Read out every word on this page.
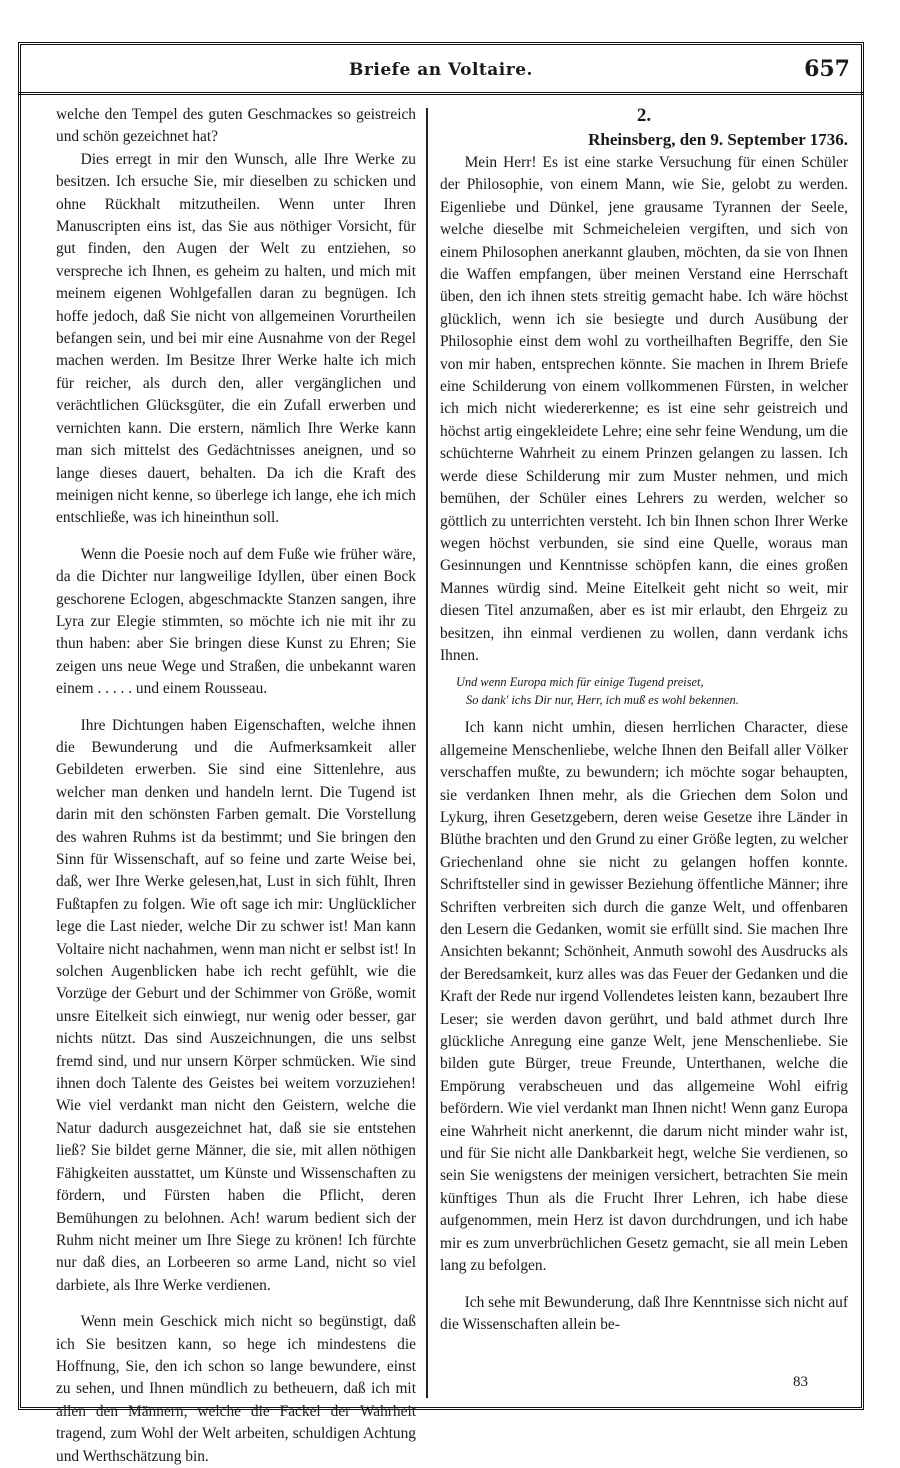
Briefe an Voltaire.	657

welche den Tempel des guten Geschmackes so geistreich und schön gezeichnet hat?

Dies erregt in mir den Wunsch, alle Ihre Werke zu besitzen. Ich ersuche Sie, mir dieselben zu schicken und ohne Rückhalt mitzutheilen. Wenn unter Ihren Manuscripten eins ist, das Sie aus nöthiger Vorsicht, für gut finden, den Augen der Welt zu entziehen, so verspreche ich Ihnen, es geheim zu halten, und mich mit meinem eigenen Wohlgefallen daran zu begnügen. Ich hoffe jedoch, daß Sie nicht von allgemeinen Vorurtheilen befangen sein, und bei mir eine Ausnahme von der Regel machen werden. Im Besitze Ihrer Werke halte ich mich für reicher, als durch den, aller vergänglichen und verächtlichen Glücksgüter, die ein Zufall erwerben und vernichten kann. Die erstern, nämlich Ihre Werke kann man sich mittelst des Gedächtnisses aneignen, und so lange dieses dauert, behalten. Da ich die Kraft des meinigen nicht kenne, so überlege ich lange, ehe ich mich entschließe, was ich hineinthun soll.

Wenn die Poesie noch auf dem Fuße wie früher wäre, da die Dichter nur langweilige Idyllen, über einen Bock geschorene Eclogen, abgeschmackte Stanzen sangen, ihre Lyra zur Elegie stimmten, so möchte ich nie mit ihr zu thun haben: aber Sie bringen diese Kunst zu Ehren; Sie zeigen uns neue Wege und Straßen, die unbekannt waren einem . . . . . und einem Rousseau.

Ihre Dichtungen haben Eigenschaften, welche ihnen die Bewunderung und die Aufmerksamkeit aller Gebildeten erwerben. Sie sind eine Sittenlehre, aus welcher man denken und handeln lernt. Die Tugend ist darin mit den schönsten Farben gemalt. Die Vorstellung des wahren Ruhms ist da bestimmt; und Sie bringen den Sinn für Wissenschaft, auf so feine und zarte Weise bei, daß, wer Ihre Werke gelesen,hat, Lust in sich fühlt, Ihren Fußtapfen zu folgen. Wie oft sage ich mir: Unglücklicher lege die Last nieder, welche Dir zu schwer ist! Man kann Voltaire nicht nachahmen, wenn man nicht er selbst ist! In solchen Augenblicken habe ich recht gefühlt, wie die Vorzüge der Geburt und der Schimmer von Größe, womit unsre Eitelkeit sich einwiegt, nur wenig oder besser, gar nichts nützt. Das sind Auszeichnungen, die uns selbst fremd sind, und nur unsern Körper schmücken. Wie sind ihnen doch Talente des Geistes bei weitem vorzuziehen! Wie viel verdankt man nicht den Geistern, welche die Natur dadurch ausgezeichnet hat, daß sie sie entstehen ließ? Sie bildet gerne Männer, die sie, mit allen nöthigen Fähigkeiten ausstattet, um Künste und Wissenschaften zu fördern, und Fürsten haben die Pflicht, deren Bemühungen zu belohnen. Ach! warum bedient sich der Ruhm nicht meiner um Ihre Siege zu krönen! Ich fürchte nur daß dies, an Lorbeeren so arme Land, nicht so viel darbiete, als Ihre Werke verdienen.

Wenn mein Geschick mich nicht so begünstigt, daß ich Sie besitzen kann, so hege ich mindestens die Hoffnung, Sie, den ich schon so lange bewundere, einst zu sehen, und Ihnen mündlich zu betheuern, daß ich mit allen den Männern, welche die Fackel der Wahrheit tragend, zum Wohl der Welt arbeiten, schuldigen Achtung und Werthschätzung bin.

2.

Rheinsberg, den 9. September 1736.

Mein Herr! Es ist eine starke Versuchung für einen Schüler der Philosophie, von einem Mann, wie Sie, gelobt zu werden. Eigenliebe und Dünkel, jene grausame Tyrannen der Seele, welche dieselbe mit Schmeicheleien vergiften, und sich von einem Philosophen anerkannt glauben, möchten, da sie von Ihnen die Waffen empfangen, über meinen Verstand eine Herrschaft üben, den ich ihnen stets streitig gemacht habe. Ich wäre höchst glücklich, wenn ich sie besiegte und durch Ausübung der Philosophie einst dem wohl zu vortheilhaften Begriffe, den Sie von mir haben, entsprechen könnte. Sie machen in Ihrem Briefe eine Schilderung von einem vollkommenen Fürsten, in welcher ich mich nicht wiedererkenne; es ist eine sehr geistreich und höchst artig eingekleidete Lehre; eine sehr feine Wendung, um die schüchterne Wahrheit zu einem Prinzen gelangen zu lassen. Ich werde diese Schilderung mir zum Muster nehmen, und mich bemühen, der Schüler eines Lehrers zu werden, welcher so göttlich zu unterrichten versteht. Ich bin Ihnen schon Ihrer Werke wegen höchst verbunden, sie sind eine Quelle, woraus man Gesinnungen und Kenntnisse schöpfen kann, die eines großen Mannes würdig sind. Meine Eitelkeit geht nicht so weit, mir diesen Titel anzumaßen, aber es ist mir erlaubt, den Ehrgeiz zu besitzen, ihn einmal verdienen zu wollen, dann verdank ichs Ihnen.

Und wenn Europa mich für einige Tugend preiset,
So dank' ichs Dir nur, Herr, ich muß es wohl bekennen.

Ich kann nicht umhin, diesen herrlichen Character, diese allgemeine Menschenliebe, welche Ihnen den Beifall aller Völker verschaffen mußte, zu bewundern; ich möchte sogar behaupten, sie verdanken Ihnen mehr, als die Griechen dem Solon und Lykurg, ihren Gesetzgebern, deren weise Gesetze ihre Länder in Blüthe brachten und den Grund zu einer Größe legten, zu welcher Griechenland ohne sie nicht zu gelangen hoffen konnte. Schriftsteller sind in gewisser Beziehung öffentliche Männer; ihre Schriften verbreiten sich durch die ganze Welt, und offenbaren den Lesern die Gedanken, womit sie erfüllt sind. Sie machen Ihre Ansichten bekannt; Schönheit, Anmuth sowohl des Ausdrucks als der Beredsamkeit, kurz alles was das Feuer der Gedanken und die Kraft der Rede nur irgend Vollendetes leisten kann, bezaubert Ihre Leser; sie werden davon gerührt, und bald athmet durch Ihre glückliche Anregung eine ganze Welt, jene Menschenliebe. Sie bilden gute Bürger, treue Freunde, Unterthanen, welche die Empörung verabscheuen und das allgemeine Wohl eifrig befördern. Wie viel verdankt man Ihnen nicht! Wenn ganz Europa eine Wahrheit nicht anerkennt, die darum nicht minder wahr ist, und für Sie nicht alle Dankbarkeit hegt, welche Sie verdienen, so sein Sie wenigstens der meinigen versichert, betrachten Sie mein künftiges Thun als die Frucht Ihrer Lehren, ich habe diese aufgenommen, mein Herz ist davon durchdrungen, und ich habe mir es zum unverbrüchlichen Gesetz gemacht, sie all mein Leben lang zu befolgen.

Ich sehe mit Bewunderung, daß Ihre Kenntnisse sich nicht auf die Wissenschaften allein be-

83
